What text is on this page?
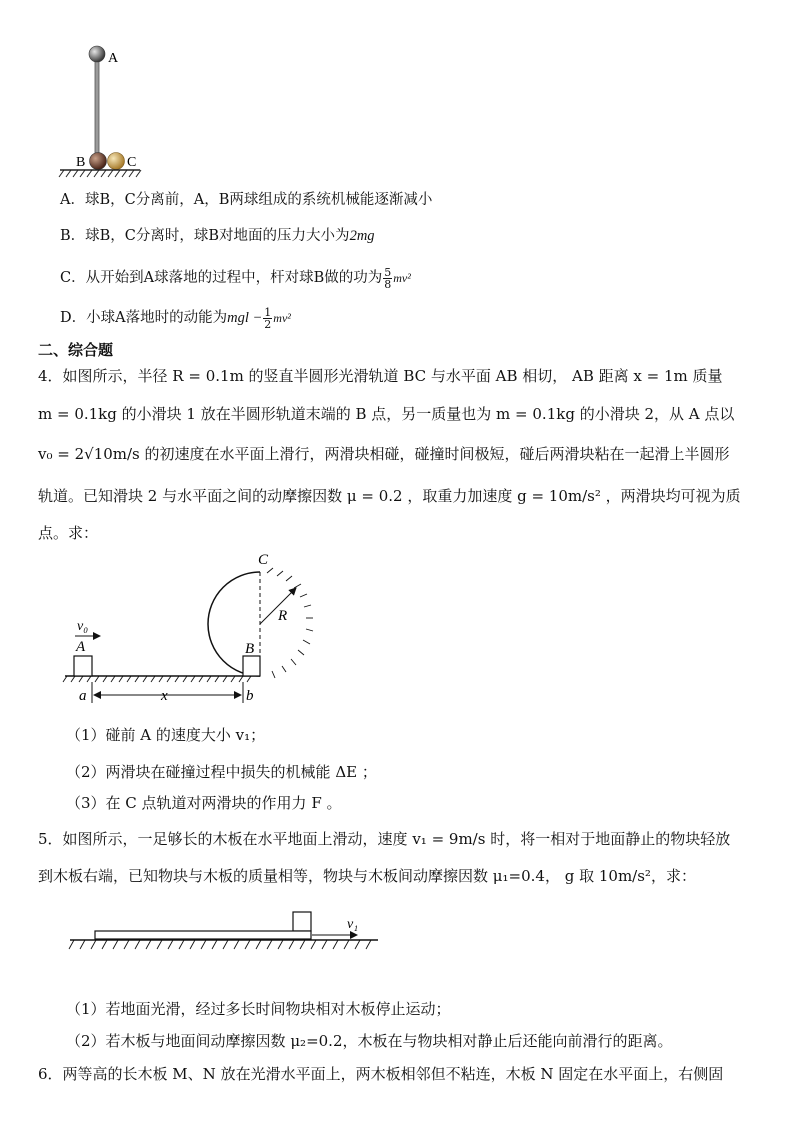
A
B	C
A．球B，C分离前，A，B两球组成的系统机械能逐渐减小
B．球B，C分离时，球B对地面的压力大小为2mg
C．从开始到A球落地的过程中，杆对球B做的功为 $\frac{5}{8} mv^2$
D．小球A落地时的动能为mgl − $\frac{1}{2} mv^2$
二、综合题
4．如图所示，半径 R = 0.1m 的竖直半圆形光滑轨道 BC 与水平面 AB 相切， AB 距离 x = 1m 质量
m = 0.1kg 的小滑块 1 放在半圆形轨道末端的 B 点，另一质量也为 m = 0.1kg 的小滑块 2，从 A 点以
v₀ = 2√10m/s 的初速度在水平面上滑行，两滑块相碰，碰撞时间极短，碰后两滑块粘在一起滑上半圆形
轨道。已知滑块 2 与水平面之间的动摩擦因数 μ = 0.2 ，取重力加速度 g = 10m/s² ，两滑块均可视为质
点。求：
C
R
v₀
A	B
a	x	b
（1）碰前 A 的速度大小 v₁；
（2）两滑块在碰撞过程中损失的机械能 ΔE ；
（3）在 C 点轨道对两滑块的作用力 F 。
5．如图所示，一足够长的木板在水平地面上滑动，速度 v₁ = 9m/s 时，将一相对于地面静止的物块轻放
到木板右端，已知物块与木板的质量相等，物块与木板间动摩擦因数 μ₁=0.4， g 取 10m/s²，求：
v₁
（1）若地面光滑，经过多长时间物块相对木板停止运动；
（2）若木板与地面间动摩擦因数 μ₂=0.2，木板在与物块相对静止后还能向前滑行的距离。
6．两等高的长木板 M、N 放在光滑水平面上，两木板相邻但不粘连，木板 N 固定在水平面上，右侧固
